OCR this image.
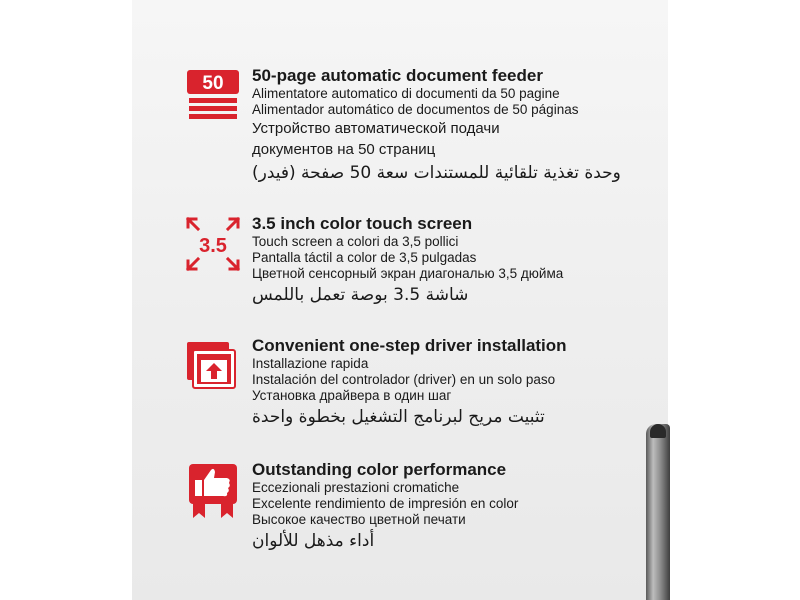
50 50-page automatic document feeder
Alimentatore automatico di documenti da 50 pagine
Alimentador automático de documentos de 50 páginas
Устройство автоматической подачи
документов на 50 страниц
وحدة تغذية تلقائية للمستندات سعة 50 صفحة (فيدر)
3.5
3.5 inch color touch screen
Touch screen a colori da 3,5 pollici
Pantalla táctil a color de 3,5 pulgadas
Цветной сенсорный экран диагональю 3,5 дюйма
شاشة 3.5 بوصة تعمل باللمس
Convenient one-step driver installation
Installazione rapida
Instalación del controlador (driver) en un solo paso
Установка драйвера в один шаг
تثبيت مريح لبرنامج التشغيل بخطوة واحدة
Outstanding color performance
Eccezionali prestazioni cromatiche
Excelente rendimiento de impresión en color
Высокое качество цветной печати
أداء مذهل للألوان
